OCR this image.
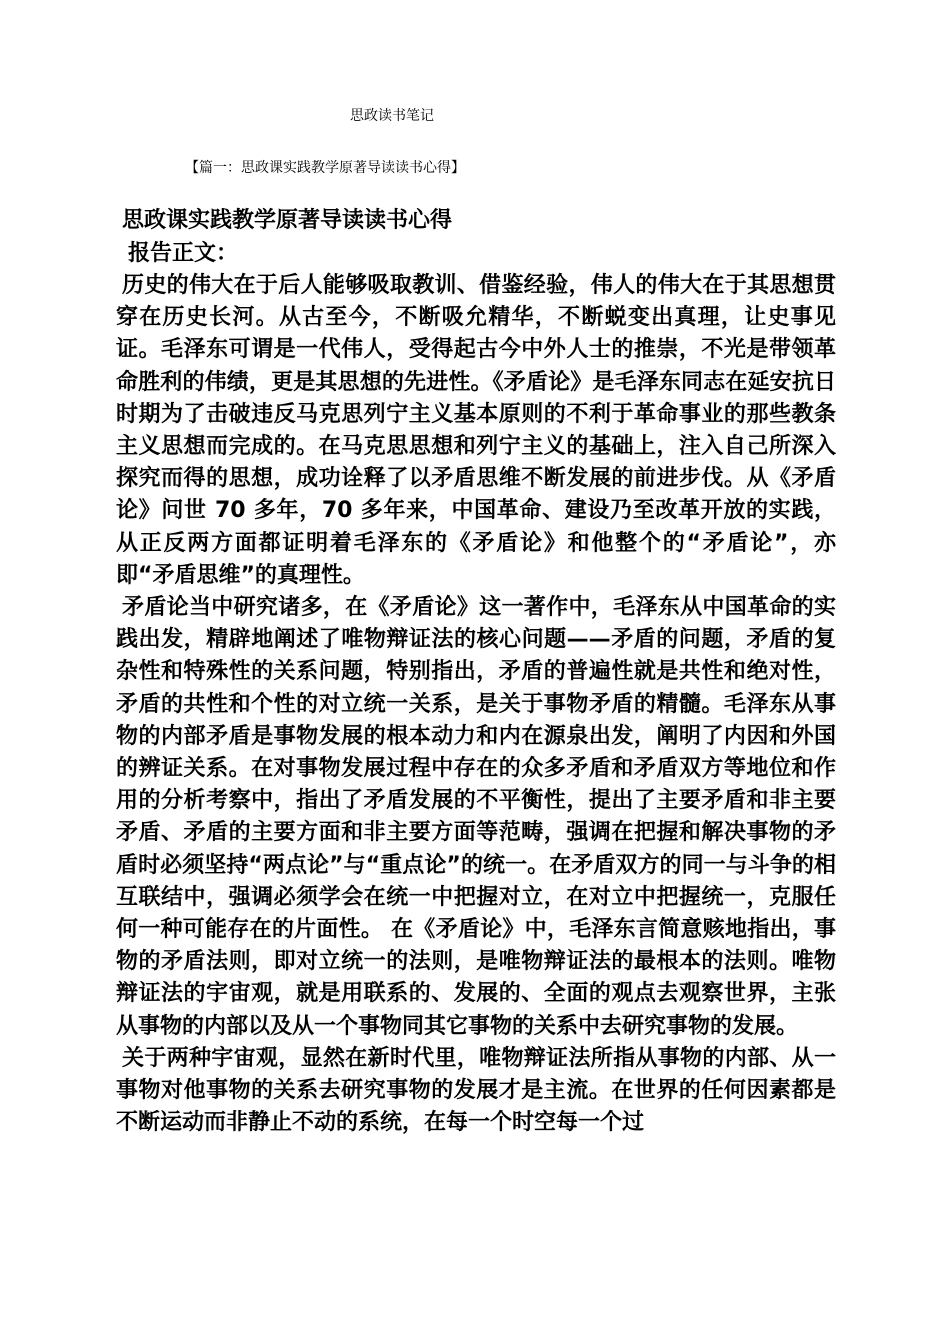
思政读书笔记
【篇一：思政课实践教学原著导读读书心得】
思政课实践教学原著导读读书心得
报告正文：

历史的伟大在于后人能够吸取教训、借鉴经验，伟人的伟大在于其思想贯穿在历史长河。从古至今，不断吸允精华，不断蜕变出真理，让史事见证。毛泽东可谓是一代伟人，受得起古今中外人士的推崇，不光是带领革命胜利的伟绩，更是其思想的先进性。《矛盾论》是毛泽东同志在延安抗日时期为了击破违反马克思列宁主义基本原则的不利于革命事业的那些教条主义思想而完成的。在马克思思想和列宁主义的基础上，注入自己所深入探究而得的思想，成功诠释了以矛盾思维不断发展的前进步伐。从《矛盾论》问世 70 多年，70 多年来，中国革命、建设乃至改革开放的实践，从正反两方面都证明着毛泽东的《矛盾论》和他整个的“矛盾论”，亦即“矛盾思维”的真理性。

矛盾论当中研究诸多，在《矛盾论》这一著作中，毛泽东从中国革命的实践出发，精辟地阐述了唯物辩证法的核心问题——矛盾的问题，矛盾的复杂性和特殊性的关系问题，特别指出，矛盾的普遍性就是共性和绝对性，矛盾的共性和个性的对立统一关系，是关于事物矛盾的精髓。毛泽东从事物的内部矛盾是事物发展的根本动力和内在源泉出发，阐明了内因和外国的辨证关系。在对事物发展过程中存在的众多矛盾和矛盾双方等地位和作用的分析考察中，指出了矛盾发展的不平衡性，提出了主要矛盾和非主要矛盾、矛盾的主要方面和非主要方面等范畴，强调在把握和解决事物的矛盾时必须坚持“两点论”与“重点论”的统一。在矛盾双方的同一与斗争的相互联结中，强调必须学会在统一中把握对立，在对立中把握统一，克服任何一种可能存在的片面性。 在《矛盾论》中，毛泽东言简意赅地指出，事物的矛盾法则，即对立统一的法则，是唯物辩证法的最根本的法则。唯物辩证法的宇宙观，就是用联系的、发展的、全面的观点去观察世界，主张从事物的内部以及从一个事物同其它事物的关系中去研究事物的发展。

关于两种宇宙观，显然在新时代里，唯物辩证法所指从事物的内部、从一事物对他事物的关系去研究事物的发展才是主流。在世界的任何因素都是不断运动而非静止不动的系统，在每一个时空每一个过
